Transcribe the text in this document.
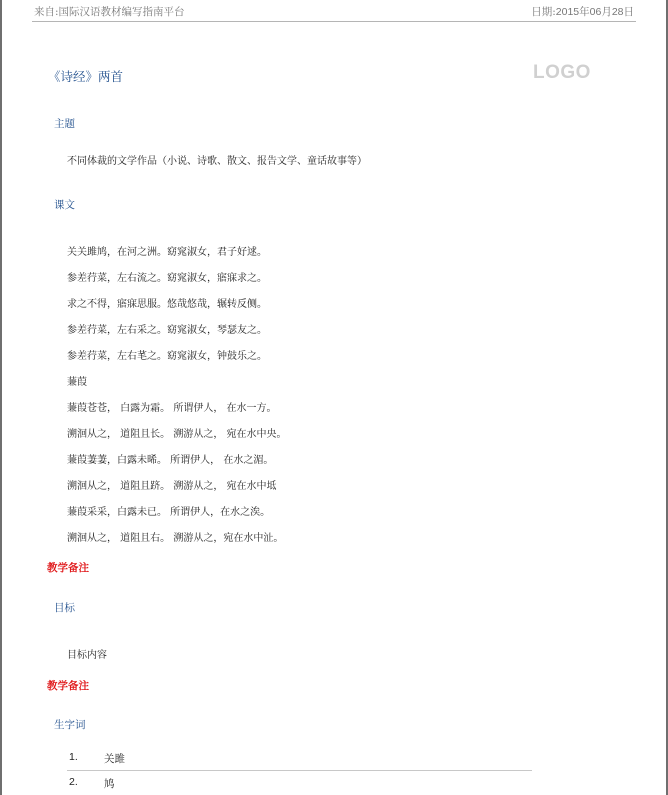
来自:国际汉语教材编写指南平台	日期:2015年06月28日
《诗经》两首	LOGO
主题
不同体裁的文学作品（小说、诗歌、散文、报告文学、童话故事等）
课文
关关雎鸠，在河之洲。窈窕淑女，君子好逑。
参差荇菜，左右流之。窈窕淑女，寤寐求之。
求之不得，寤寐思服。悠哉悠哉，辗转反侧。
参差荇菜，左右采之。窈窕淑女，琴瑟友之。
参差荇菜，左右芼之。窈窕淑女，钟鼓乐之。
蒹葭
蒹葭苍苍， 白露为霜。 所谓伊人， 在水一方。
溯洄从之， 道阻且长。 溯游从之， 宛在水中央。
蒹葭萋萋，白露未晞。 所谓伊人， 在水之湄。
溯洄从之， 道阻且跻。 溯游从之， 宛在水中坻
蒹葭采采，白露未已。 所谓伊人，在水之涘。
溯洄从之， 道阻且右。 溯游从之，宛在水中沚。
教学备注
目标
目标内容
教学备注
生字词
1. 关雎
2. 鸠
